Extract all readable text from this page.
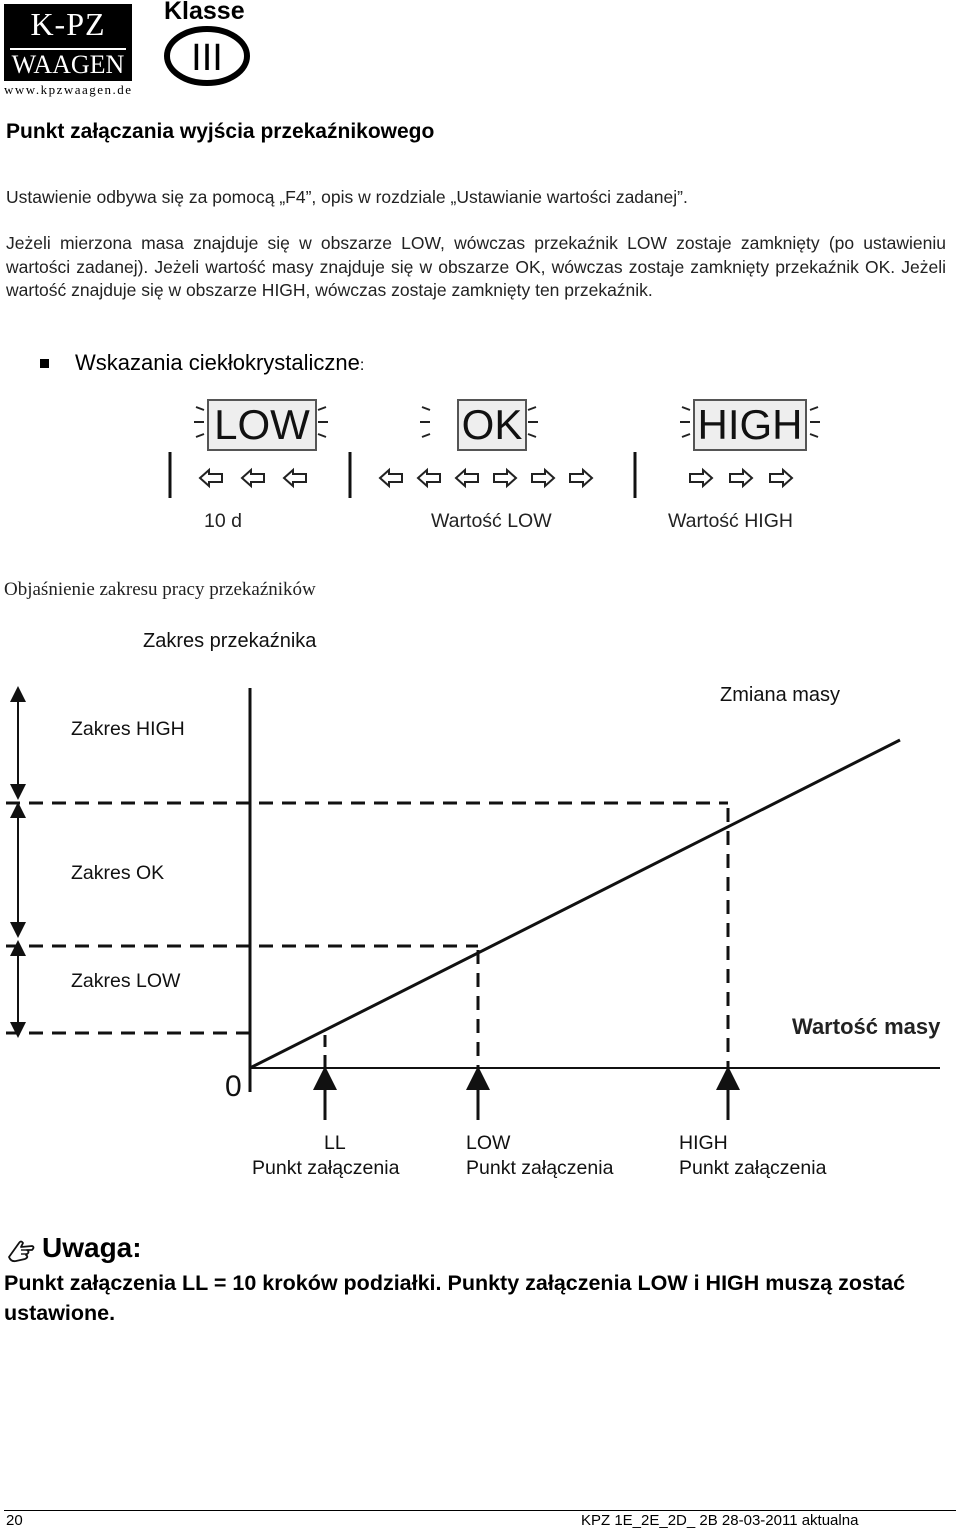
K-PZ
WAAGEN
www.kpzwaagen.de
Klasse
III
Punkt załączania wyjścia przekaźnikowego
Ustawienie odbywa się za pomocą „F4”, opis w rozdziale „Ustawianie wartości zadanej”.
Jeżeli mierzona masa znajduje się w obszarze LOW, wówczas przekaźnik LOW zostaje zamknięty (po ustawieniu wartości zadanej). Jeżeli wartość masy znajduje się w obszarze OK, wówczas zostaje zamknięty przekaźnik OK. Jeżeli wartość znajduje się w obszarze HIGH, wówczas zostaje zamknięty ten przekaźnik.
Wskazania ciekłokrystaliczne:
LOW	OK	HIGH
10 d	Wartość LOW	Wartość HIGH
Objaśnienie zakresu pracy przekaźników
Zakres przekaźnika
Zmiana masy
Zakres HIGH
Zakres OK
Zakres LOW
Wartość masy
0
LL
Punkt załączenia
LOW
Punkt załączenia
HIGH
Punkt załączenia
Uwaga:
Punkt załączenia LL = 10 kroków podziałki. Punkty załączenia LOW i HIGH muszą zostać ustawione.
20	KPZ 1E_2E_2D_ 2B 28-03-2011 aktualna
